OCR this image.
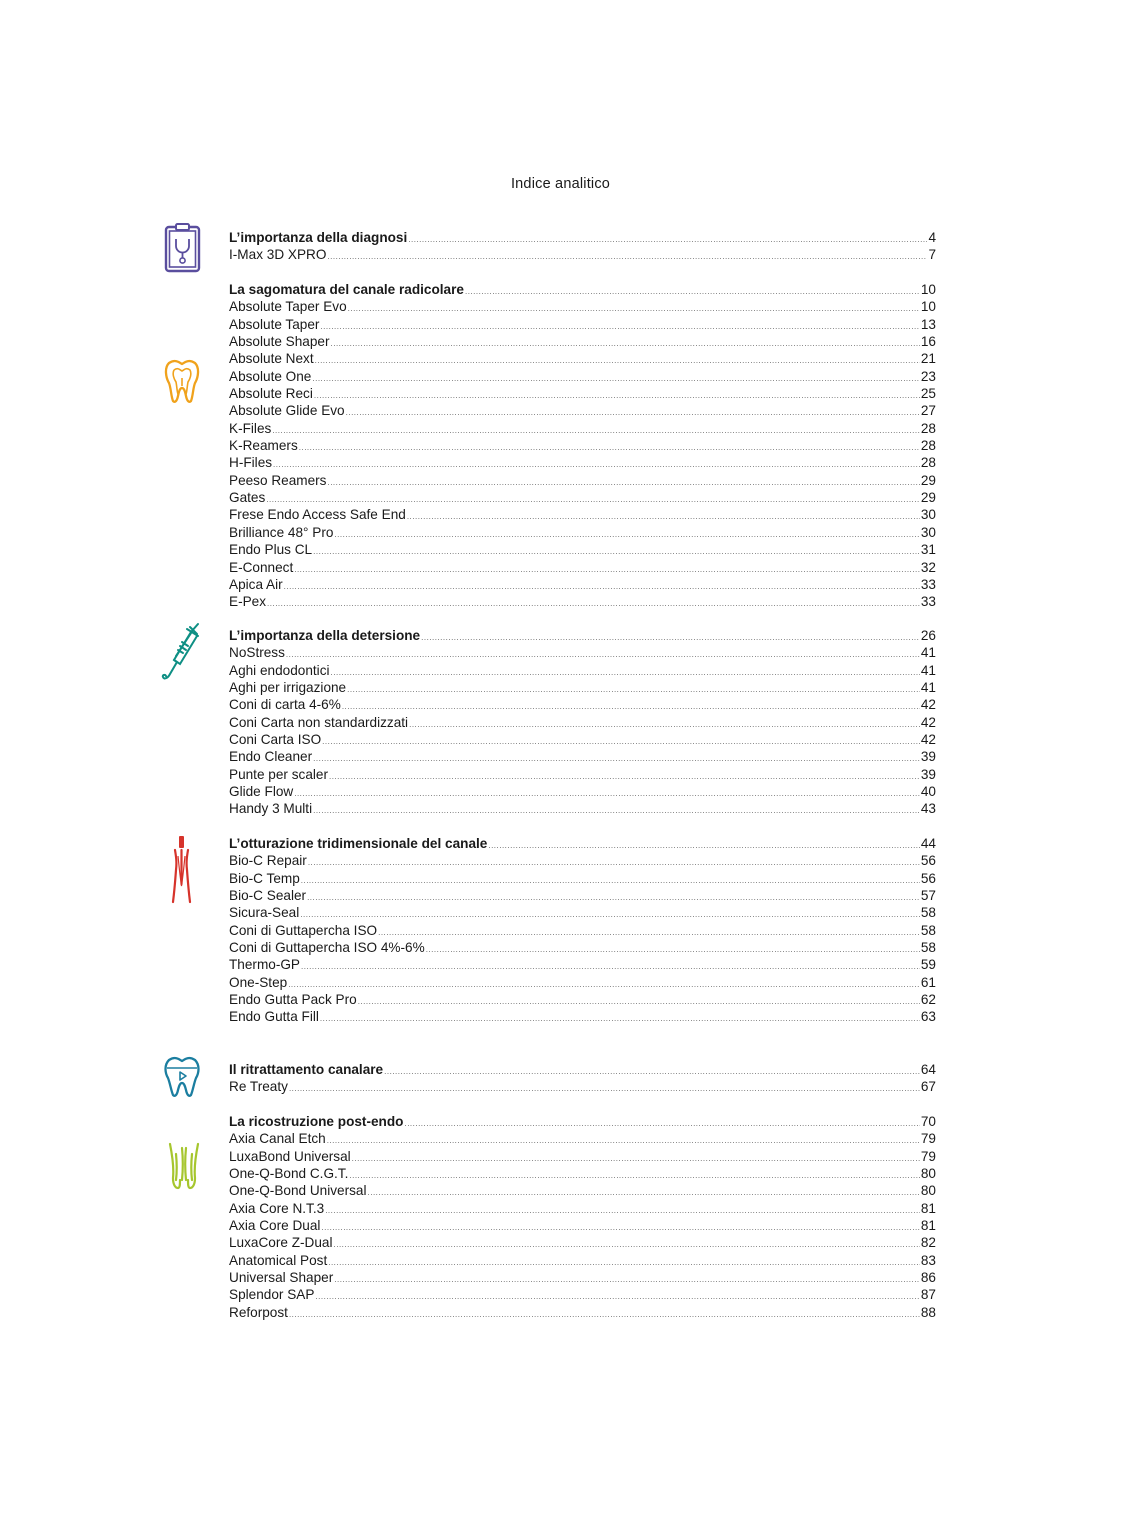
Indice analitico
L’importanza della diagnosi .....	4
I-Max 3D XPRO .....	7
La sagomatura del canale radicolare .....	10
Absolute Taper Evo .....	10
Absolute Taper .....	13
Absolute Shaper .....	16
Absolute Next .....	21
Absolute One .....	23
Absolute Reci .....	25
Absolute Glide Evo .....	27
K-Files .....	28
K-Reamers .....	28
H-Files .....	28
Peeso Reamers .....	29
Gates .....	29
Frese Endo Access Safe End .....	30
Brilliance 48° Pro .....	30
Endo Plus CL .....	31
E-Connect .....	32
Apica Air .....	33
E-Pex .....	33
L’importanza della detersione .....	26
NoStress .....	41
Aghi endodontici .....	41
Aghi per irrigazione .....	41
Coni di carta 4-6% .....	42
Coni Carta non standardizzati .....	42
Coni Carta ISO .....	42
Endo Cleaner .....	39
Punte per scaler .....	39
Glide Flow .....	40
Handy 3 Multi .....	43
L’otturazione tridimensionale del canale .....	44
Bio-C Repair .....	56
Bio-C Temp .....	56
Bio-C Sealer .....	57
Sicura-Seal .....	58
Coni di Guttapercha ISO .....	58
Coni di Guttapercha ISO 4%-6% .....	58
Thermo-GP .....	59
One-Step .....	61
Endo Gutta Pack Pro .....	62
Endo Gutta Fill .....	63
Il ritrattamento canalare .....	64
Re Treaty .....	67
La ricostruzione post-endo .....	70
Axia Canal Etch .....	79
LuxaBond Universal .....	79
One-Q-Bond C.G.T. .....	80
One-Q-Bond Universal .....	80
Axia Core N.T.3 .....	81
Axia Core Dual .....	81
LuxaCore Z-Dual .....	82
Anatomical Post .....	83
Universal Shaper .....	86
Splendor SAP .....	87
Reforpost .....	88
